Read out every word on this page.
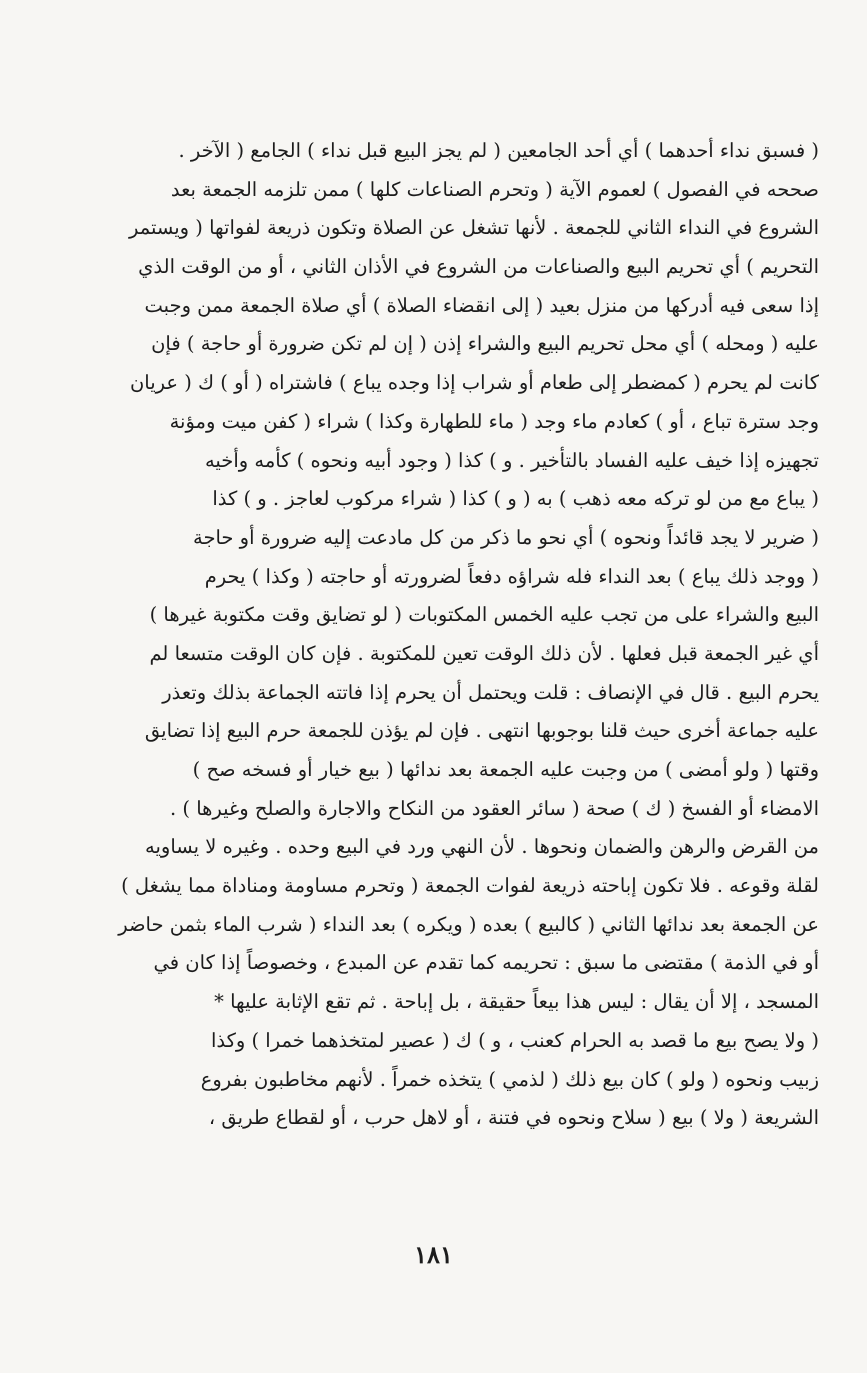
( فسبق نداء أحدهما ) أي أحد الجامعين ( لم يجز البيع قبل نداء ) الجامع ( الآخر .
صححه في الفصول ) لعموم الآية ( وتحرم الصناعات كلها ) ممن تلزمه الجمعة بعد
الشروع في النداء الثاني للجمعة . لأنها تشغل عن الصلاة وتكون ذريعة لفواتها ( ويستمر
التحريم ) أي تحريم البيع والصناعات من الشروع في الأذان الثاني ، أو من الوقت الذي
إذا سعى فيه أدركها من منزل بعيد ( إلى انقضاء الصلاة ) أي صلاة الجمعة ممن وجبت
عليه ( ومحله ) أي محل تحريم البيع والشراء إذن ( إن لم تكن ضرورة أو حاجة ) فإن
كانت لم يحرم ( كمضطر إلى طعام أو شراب إذا وجده يباع ) فاشتراه ( أو ) ك ( عريان
وجد سترة تباع ، أو ) كعادم ماء وجد ( ماء للطهارة وكذا ) شراء ( كفن ميت ومؤنة
تجهيزه إذا خيف عليه الفساد بالتأخير . و ) كذا ( وجود أبيه ونحوه ) كأمه وأخيه
( يباع مع من لو تركه معه ذهب ) به ( و ) كذا ( شراء مركوب لعاجز . و ) كذا
( ضرير لا يجد قائداً ونحوه ) أي نحو ما ذكر من كل مادعت إليه ضرورة أو حاجة
( ووجد ذلك يباع ) بعد النداء فله شراؤه دفعاً لضرورته أو حاجته ( وكذا ) يحرم
البيع والشراء على من تجب عليه الخمس المكتوبات ( لو تضايق وقت مكتوبة غيرها )
أي غير الجمعة قبل فعلها . لأن ذلك الوقت تعين للمكتوبة . فإن كان الوقت متسعا لم
يحرم البيع . قال في الإنصاف : قلت ويحتمل أن يحرم إذا فاتته الجماعة بذلك وتعذر
عليه جماعة أخرى حيث قلنا بوجوبها انتهى . فإن لم يؤذن للجمعة حرم البيع إذا تضايق
وقتها ( ولو أمضى ) من وجبت عليه الجمعة بعد ندائها ( بيع خيار أو فسخه صح )
الامضاء أو الفسخ ( ك ) صحة ( سائر العقود من النكاح والاجارة والصلح وغيرها ) .
من القرض والرهن والضمان ونحوها . لأن النهي ورد في البيع وحده . وغيره لا يساويه
لقلة وقوعه . فلا تكون إباحته ذريعة لفوات الجمعة ( وتحرم مساومة ومناداة مما يشغل )
عن الجمعة بعد ندائها الثاني ( كالبيع ) بعده ( ويكره ) بعد النداء ( شرب الماء بثمن حاضر
أو في الذمة ) مقتضى ما سبق : تحريمه كما تقدم عن المبدع ، وخصوصاً إذا كان في
المسجد ، إلا أن يقال : ليس هذا بيعاً حقيقة ، بل إباحة . ثم تقع الإثابة عليها *
( ولا يصح بيع ما قصد به الحرام كعنب ، و ) ك ( عصير لمتخذهما خمرا ) وكذا
زبيب ونحوه ( ولو ) كان بيع ذلك ( لذمي ) يتخذه خمراً . لأنهم مخاطبون بفروع
الشريعة ( ولا ) بيع ( سلاح ونحوه في فتنة ، أو لاهل حرب ، أو لقطاع طريق ،
١٨١
